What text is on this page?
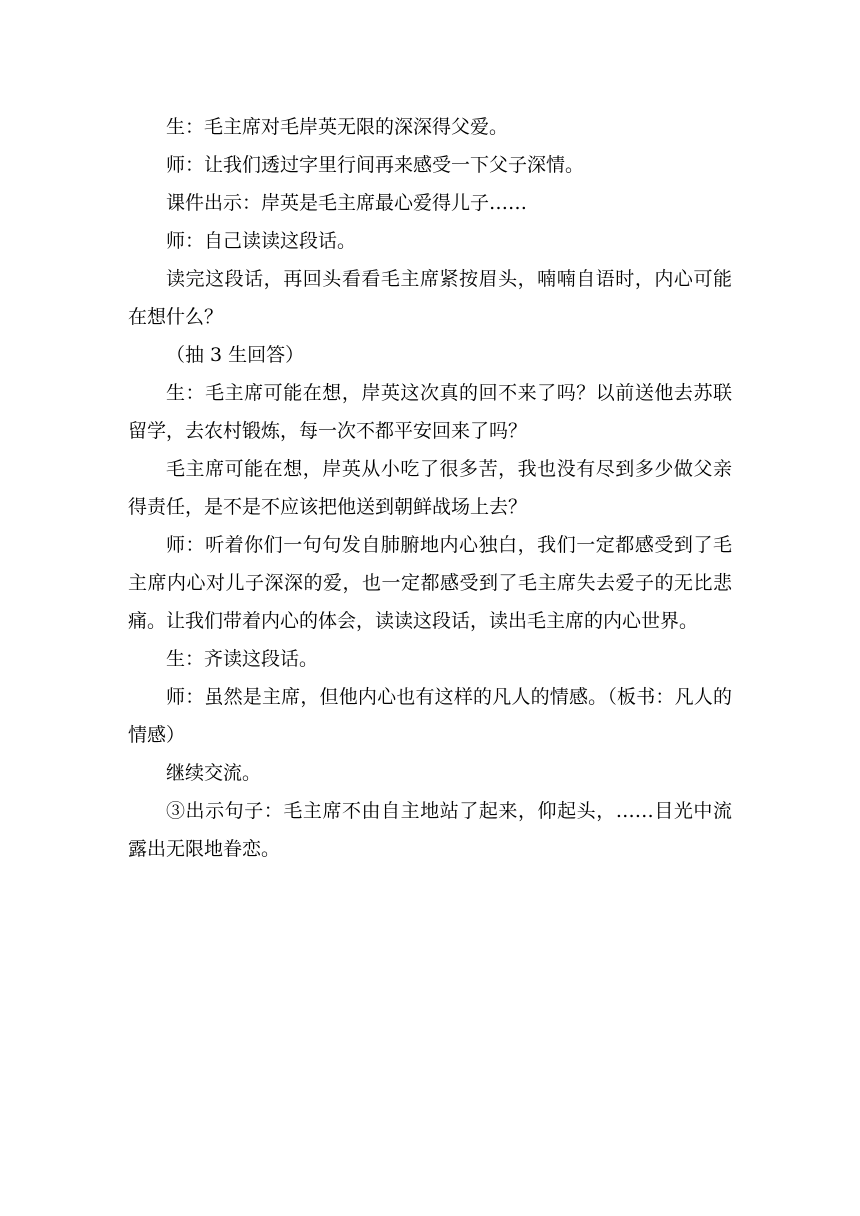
生：毛主席对毛岸英无限的深深得父爱。

师：让我们透过字里行间再来感受一下父子深情。

课件出示：岸英是毛主席最心爱得儿子……

师：自己读读这段话。

读完这段话，再回头看看毛主席紧按眉头，喃喃自语时，内心可能在想什么？

（抽 3 生回答）

生：毛主席可能在想，岸英这次真的回不来了吗？以前送他去苏联留学，去农村锻炼，每一次不都平安回来了吗？

毛主席可能在想，岸英从小吃了很多苦，我也没有尽到多少做父亲得责任，是不是不应该把他送到朝鲜战场上去？

师：听着你们一句句发自肺腑地内心独白，我们一定都感受到了毛主席内心对儿子深深的爱，也一定都感受到了毛主席失去爱子的无比悲痛。让我们带着内心的体会，读读这段话，读出毛主席的内心世界。

生：齐读这段话。

师：虽然是主席，但他内心也有这样的凡人的情感。（板书：凡人的情感）

继续交流。

③出示句子：毛主席不由自主地站了起来，仰起头，……目光中流露出无限地眷恋。
